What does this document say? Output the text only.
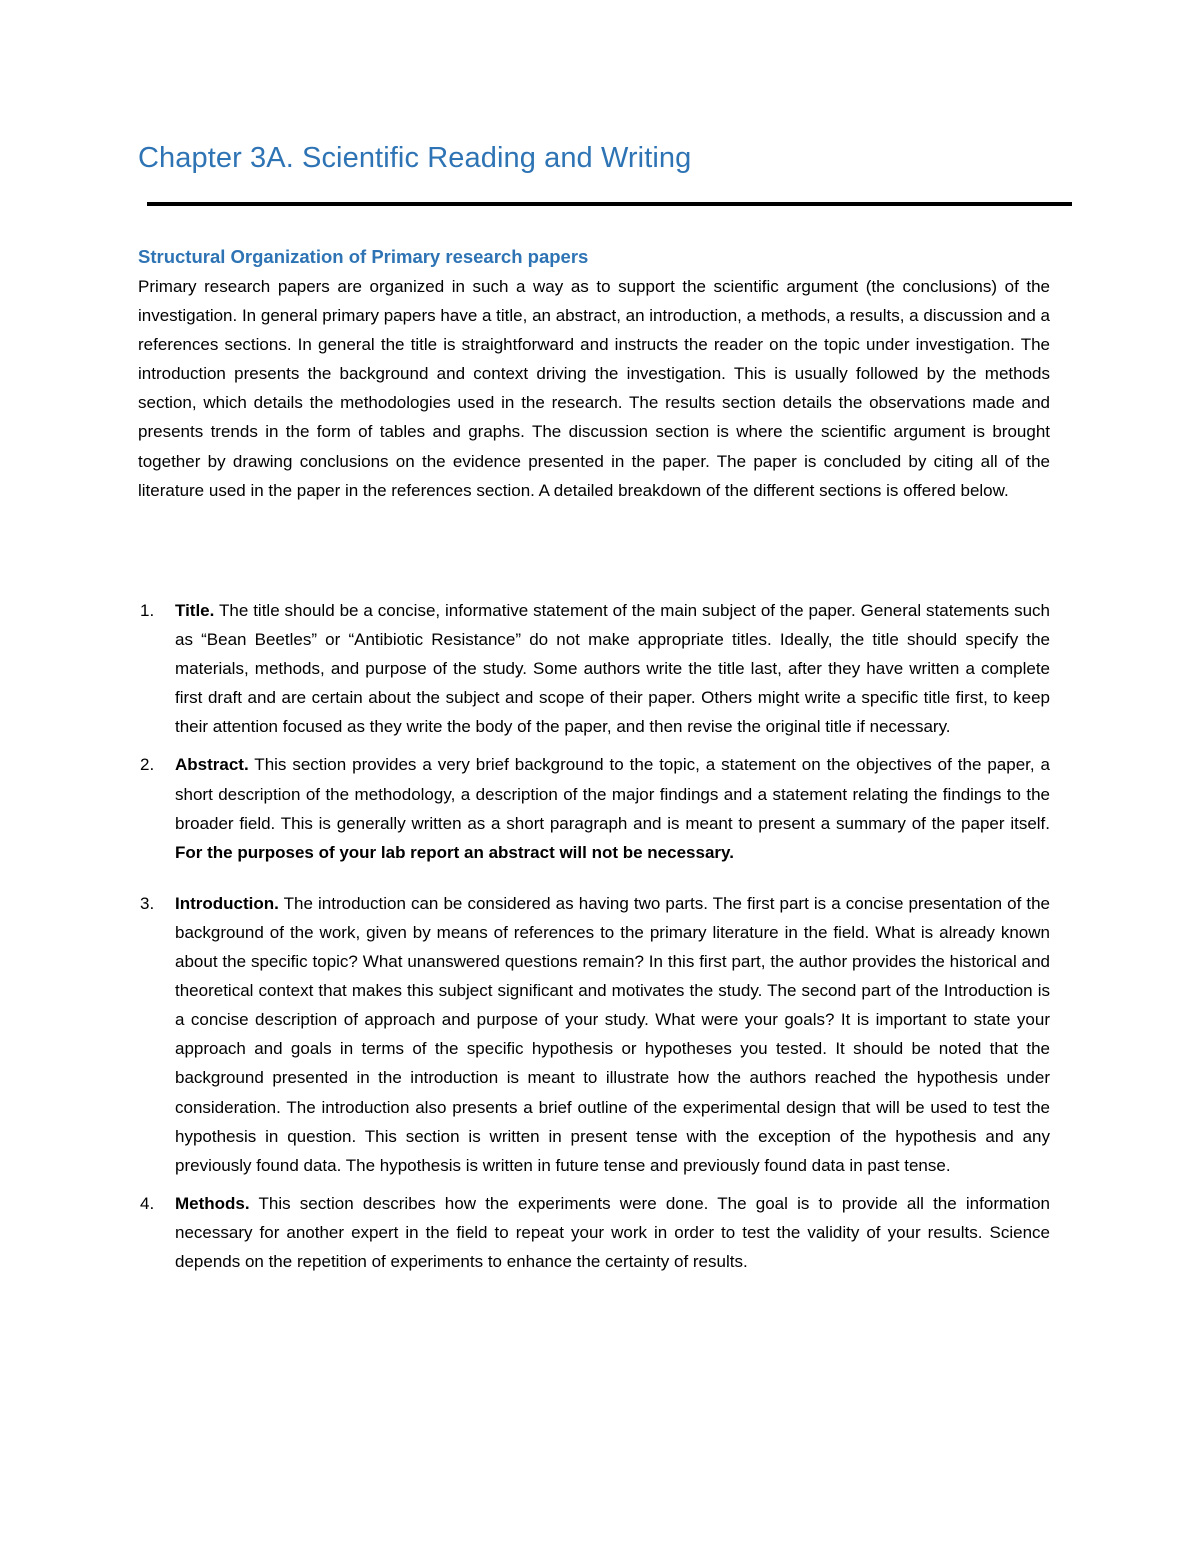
Chapter 3A. Scientific Reading and Writing
Structural Organization of Primary research papers

Primary research papers are organized in such a way as to support the scientific argument (the conclusions) of the investigation. In general primary papers have a title, an abstract, an introduction, a methods, a results, a discussion and a references sections. In general the title is straightforward and instructs the reader on the topic under investigation. The introduction presents the background and context driving the investigation. This is usually followed by the methods section, which details the methodologies used in the research. The results section details the observations made and presents trends in the form of tables and graphs. The discussion section is where the scientific argument is brought together by drawing conclusions on the evidence presented in the paper. The paper is concluded by citing all of the literature used in the paper in the references section. A detailed breakdown of the different sections is offered below.

1. Title. The title should be a concise, informative statement of the main subject of the paper. General statements such as “Bean Beetles” or “Antibiotic Resistance” do not make appropriate titles. Ideally, the title should specify the materials, methods, and purpose of the study. Some authors write the title last, after they have written a complete first draft and are certain about the subject and scope of their paper. Others might write a specific title first, to keep their attention focused as they write the body of the paper, and then revise the original title if necessary.
2. Abstract. This section provides a very brief background to the topic, a statement on the objectives of the paper, a short description of the methodology, a description of the major findings and a statement relating the findings to the broader field. This is generally written as a short paragraph and is meant to present a summary of the paper itself. For the purposes of your lab report an abstract will not be necessary.
3. Introduction. The introduction can be considered as having two parts. The first part is a concise presentation of the background of the work, given by means of references to the primary literature in the field. What is already known about the specific topic? What unanswered questions remain? In this first part, the author provides the historical and theoretical context that makes this subject significant and motivates the study. The second part of the Introduction is a concise description of approach and purpose of your study. What were your goals? It is important to state your approach and goals in terms of the specific hypothesis or hypotheses you tested. It should be noted that the background presented in the introduction is meant to illustrate how the authors reached the hypothesis under consideration. The introduction also presents a brief outline of the experimental design that will be used to test the hypothesis in question. This section is written in present tense with the exception of the hypothesis and any previously found data. The hypothesis is written in future tense and previously found data in past tense.
4. Methods. This section describes how the experiments were done. The goal is to provide all the information necessary for another expert in the field to repeat your work in order to test the validity of your results. Science depends on the repetition of experiments to enhance the certainty of results.
